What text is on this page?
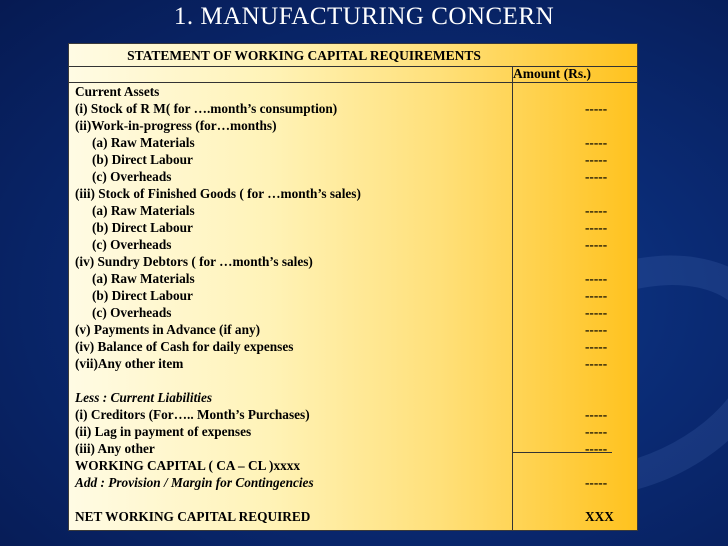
1. MANUFACTURING CONCERN
STATEMENT OF WORKING CAPITAL REQUIREMENTS
Amount (Rs.)
Current Assets
(i) Stock of R M( for ….month’s consumption)	-----
(ii)Work-in-progress (for…months)
(a) Raw Materials	-----
(b) Direct Labour	-----
(c) Overheads	-----
(iii) Stock of Finished Goods ( for …month’s sales)
(a) Raw Materials	-----
(b) Direct Labour	-----
(c) Overheads	-----
(iv) Sundry Debtors ( for …month’s sales)
(a) Raw Materials	-----
(b) Direct Labour	-----
(c) Overheads	-----
(v) Payments in Advance (if any)	-----
(iv) Balance of Cash for daily expenses	-----
(vii)Any other item	-----
Less : Current Liabilities
(i) Creditors (For….. Month’s Purchases)	-----
(ii) Lag in payment of expenses	-----
(iii) Any other	-----
WORKING CAPITAL ( CA – CL )xxxx
Add : Provision / Margin for Contingencies	-----
NET WORKING CAPITAL REQUIRED	XXX
